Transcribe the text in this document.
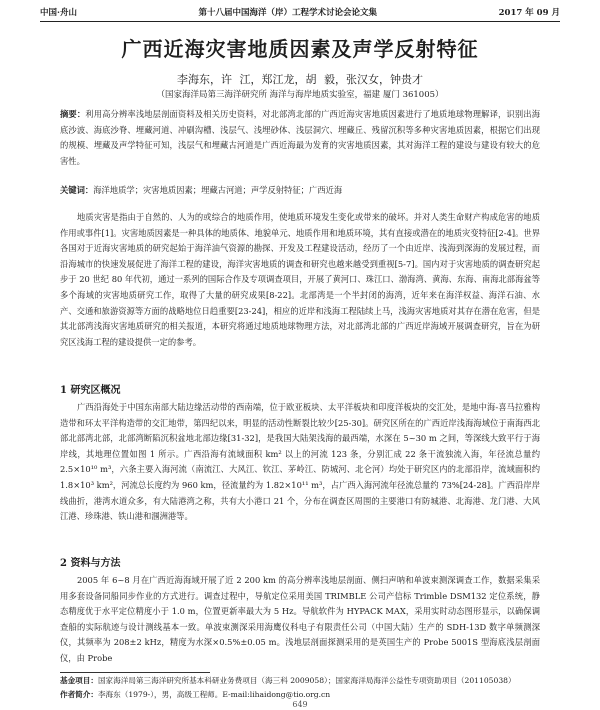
中国·舟山	第十八届中国海洋（岸）工程学术讨论会论文集	2017 年 09 月
广西近海灾害地质因素及声学反射特征
李海东，许 江，郑江龙，胡 毅，张汉女，钟贵才
（国家海洋局第三海洋研究所 海洋与海岸地质实验室，福建 厦门 361005）

摘要：利用高分辨率浅地层剖面资料及相关历史资料，对北部湾北部的广西近海灾害地质因素进行了地质地球物理解译，识别出海底沙波、海底沙脊、埋藏河道、冲刷沟槽、浅层气、浅埋砂体、浅层洞穴、埋藏丘、残留沉积等多种灾害地质因素，根据它们出现的规模、埋藏及声学特征可知，浅层气和埋藏古河道是广西近海最为发育的灾害地质因素，其对海洋工程的建设与建设有较大的危害性。

关键词：海洋地质学；灾害地质因素；埋藏古河道；声学反射特征；广西近海

地质灾害是指由于自然的、人为的或综合的地质作用，使地质环境发生变化或带来的破坏。并对人类生命财产构成危害的地质作用或事件[1]。灾害地质因素是一种具体的地质体、地貌单元、地质作用和地质环境，其有直接或潜在的地质灾变特征[2-4]。世界各国对于近海灾害地质的研究起始于海洋油气资源的勘探、开发及工程建设活动，经历了一个由近岸、浅海到深海的发展过程，而沿海城市的快速发展促进了海洋工程的建设，海洋灾害地质的调查和研究也越来越受到重视[5-7]。国内对于灾害地质的调查研究起步于 20 世纪 80 年代初，通过一系列的国际合作及专项调查项目，开展了黄河口、珠江口、渤海湾、黄海、东海、南海北部海盆等多个海域的灾害地质研究工作，取得了大量的研究成果[8-22]。北部湾是一个半封闭的海湾，近年来在海洋权益、海洋石油、水产、交通和旅游资源等方面的战略地位日趋重要[23-24]，相应的近岸和浅海工程陆续上马，浅海灾害地质对其存在潜在危害，但是其北部湾浅海灾害地质研究的相关报道，本研究将通过地质地球物理方法，对北部湾北部的广西近岸海域开展调查研究，旨在为研究区浅海工程的建设提供一定的参考。

1 研究区概况

广西沿海处于中国东南部大陆边缘活动带的西南端，位于欧亚板块、太平洋板块和印度洋板块的交汇处，是地中海-喜马拉雅构造带和环太平洋构造带的交汇地带，第四纪以来，明显的活动性断裂比较少[25-30]。研究区所在的广西近岸浅海海域位于南海西北部北部湾北部，北部湾断陷沉积盆地北部边缘[31-32]，是我国大陆架浅海的最西端，水深在 5~30 m 之间，等深线大致平行于海岸线，其地理位置如图 1 所示。广西沿海有流域面积 km² 以上的河流 123 条，分别汇成 22 条干流独流入海，年径流总量约 2.5×10¹⁰ m³，六条主要入海河流（南流江、大风江、钦江、茅岭江、防城河、北仑河）均处于研究区内的北部沿岸，流域面积约 1.8×10³ km²，河流总长度约为 960 km，径流量约为 1.82×10¹¹ m³，占广西入海河流年径流总量约 73%[24-28]。广西沿岸岸线曲折，港湾水道众多，有大陆港湾之称，共有大小港口 21 个，分布在调查区周围的主要港口有防城港、北海港、龙门港、大风江港、珍珠港、铁山港和涠洲港等。

2 资料与方法

2005 年 6~8 月在广西近海海域开展了近 2 200 km 的高分辨率浅地层剖面、侧扫声呐和单波束测深调查工作，数据采集采用多套设备同船同步作业的方式进行。调查过程中，导航定位采用美国 TRIMBLE 公司产信标 Trimble DSM132 定位系统，静态精度优于水平定位精度小于 1.0 m，位置更新率最大为 5 Hz。导航软件为 HYPACK MAX，采用实时动态图形显示，以确保调查船的实际航迹与设计测线基本一致。单波束测深采用海鹰仪科电子有限责任公司（中国大陆）生产的 SDH-13D 数字单频测深仪，其频率为 208±2 kHz，精度为水深×0.5%±0.05 m。浅地层剖面探测采用的是英国生产的 Probe 5001S 型海底浅层剖面仪，由 Probe

基金项目：国家海洋局第三海洋研究所基本科研业务费项目（海三科 2009058）；国家海洋局海洋公益性专项资助项目（201105038）

作者简介：李海东（1979-），男，高级工程师。E-mail:lihaidong@tio.org.cn

649
